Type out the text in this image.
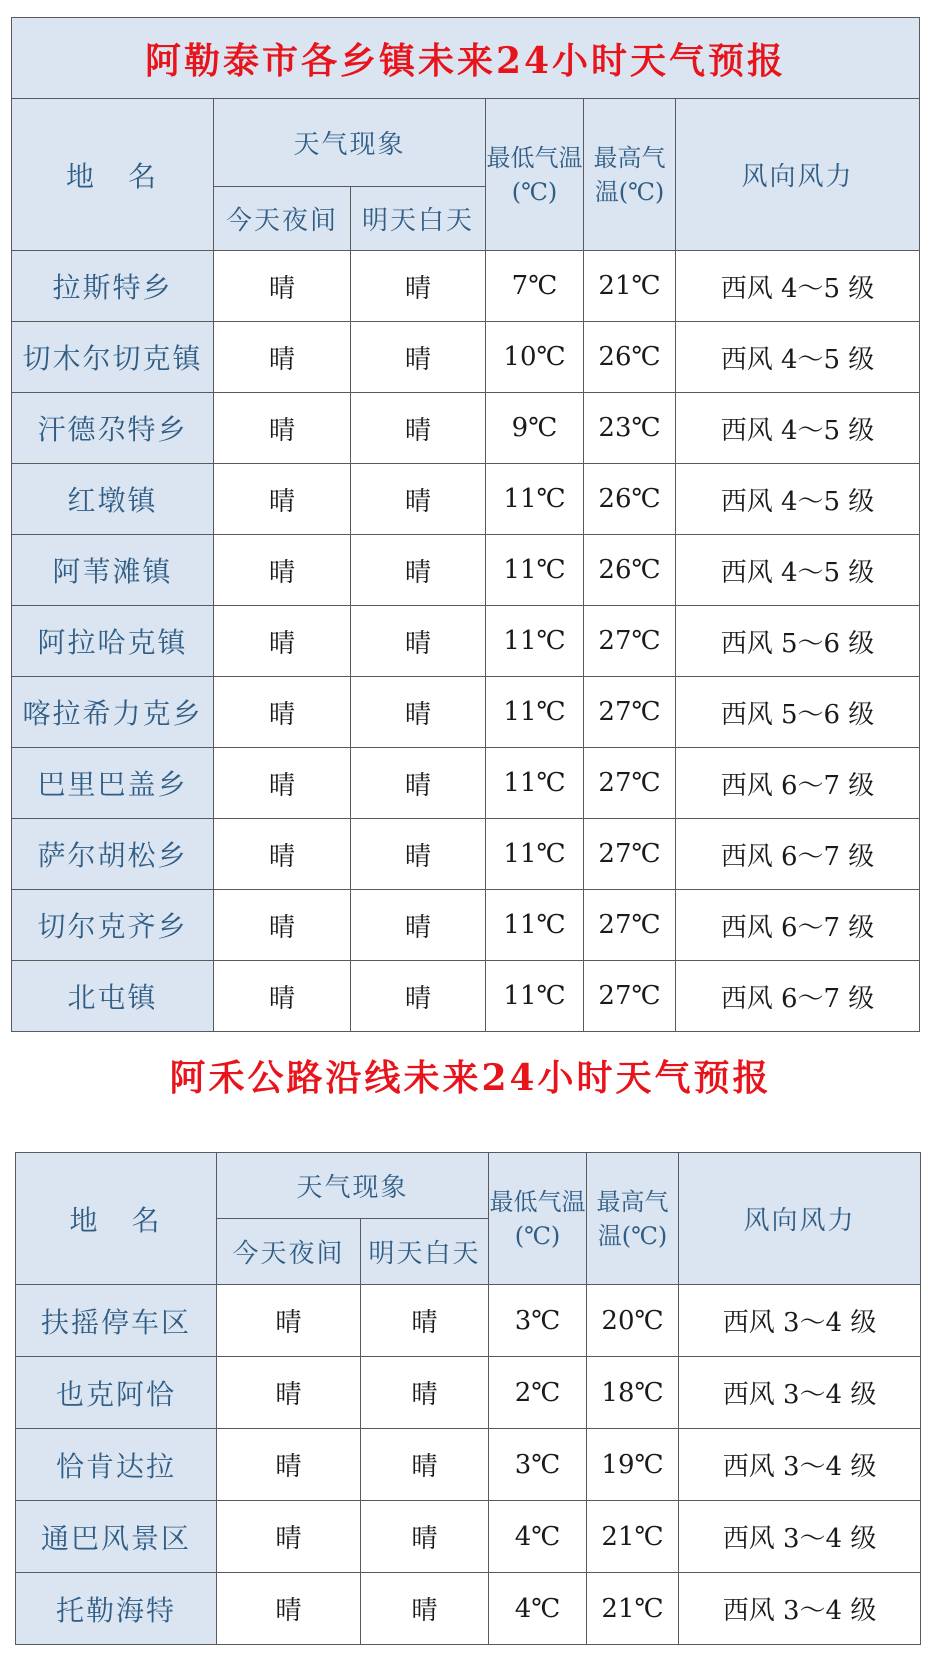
阿勒泰市各乡镇未来24小时天气预报					
地　名	天气现象		最低气温(℃)	最高气温(℃)	风向风力
	今天夜间	明天白天			
拉斯特乡	晴	晴	7℃	21℃	西风 4～5 级
切木尔切克镇	晴	晴	10℃	26℃	西风 4～5 级
汗德尕特乡	晴	晴	9℃	23℃	西风 4～5 级
红墩镇	晴	晴	11℃	26℃	西风 4～5 级
阿苇滩镇	晴	晴	11℃	26℃	西风 4～5 级
阿拉哈克镇	晴	晴	11℃	27℃	西风 5～6 级
喀拉希力克乡	晴	晴	11℃	27℃	西风 5～6 级
巴里巴盖乡	晴	晴	11℃	27℃	西风 6～7 级
萨尔胡松乡	晴	晴	11℃	27℃	西风 6～7 级
切尔克齐乡	晴	晴	11℃	27℃	西风 6～7 级
北屯镇	晴	晴	11℃	27℃	西风 6～7 级
阿禾公路沿线未来24小时天气预报
地　名	天气现象		最低气温(℃)	最高气温(℃)	风向风力
	今天夜间	明天白天			
扶摇停车区	晴	晴	3℃	20℃	西风 3～4 级
也克阿恰	晴	晴	2℃	18℃	西风 3～4 级
恰肯达拉	晴	晴	3℃	19℃	西风 3～4 级
通巴风景区	晴	晴	4℃	21℃	西风 3～4 级
托勒海特	晴	晴	4℃	21℃	西风 3～4 级
